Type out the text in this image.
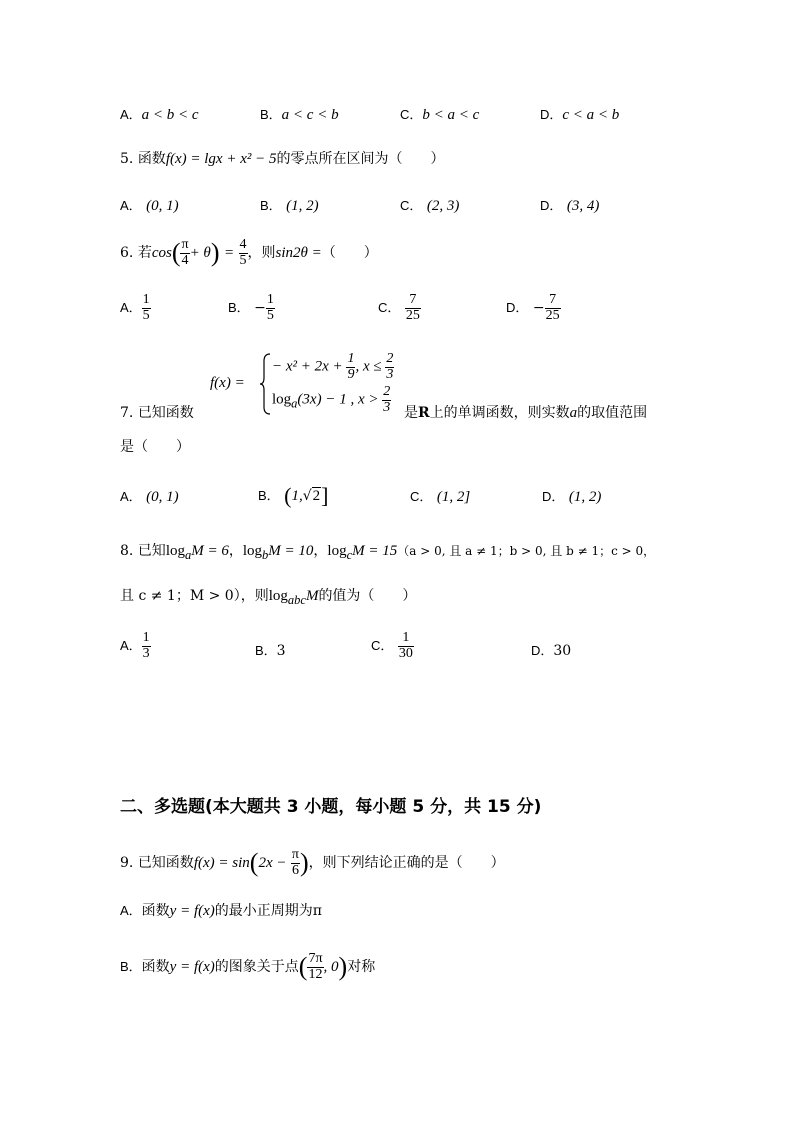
A．a < b < c	B．a < c < b	C．b < a < c	D．c < a < b
5. 函数f(x) = lgx + x² − 5的零点所在区间为（　　）
A． (0, 1)	B． (1, 2)	C． (2, 3)	D． (3, 4)
6. 若$\cos( \frac{\pi}{4} + \theta) = \frac{4}{5}$ ，则sin2θ =（　　）
A． $\frac{1}{5}$	B． − $\frac{1}{5}$	C． $\frac{7}{25}$	D． − $\frac{7}{25}$
f(x) =
− $x^2 + 2x + \frac{1}{9}$ , $x \le \frac{2}{3}$
$\log_a(3x) - 1$ , $x > \frac{2}{3}$
7. 已知函数	是R上的单调函数，则实数a的取值范围
是（　　）
A． (0, 1)	B． (1,√2]	C． (1, 2]	D． (1, 2)
8. 已知$\log_aM = 6$，$\log_bM = 10$，$\log_cM = 15(a > 0$, 且 a ≠ 1；b > 0, 且 b ≠ 1；c > 0，
且 c ≠ 1；M > 0），则$\log_{abc}M$的值为（　　）
A． $\frac{1}{3}$	B．3	C． $\frac{1}{30}$	D．30
二、多选题(本大题共 3 小题，每小题 5 分，共 15 分)
9. 已知函数$f(x) = \sin(2x - \frac{\pi}{6}$ )，则下列结论正确的是（　　）
A．函数y = f(x)的最小正周期为π
B．函数y = f(x)的图象关于点( $\frac{7\pi}{12}$ , 0)对称
